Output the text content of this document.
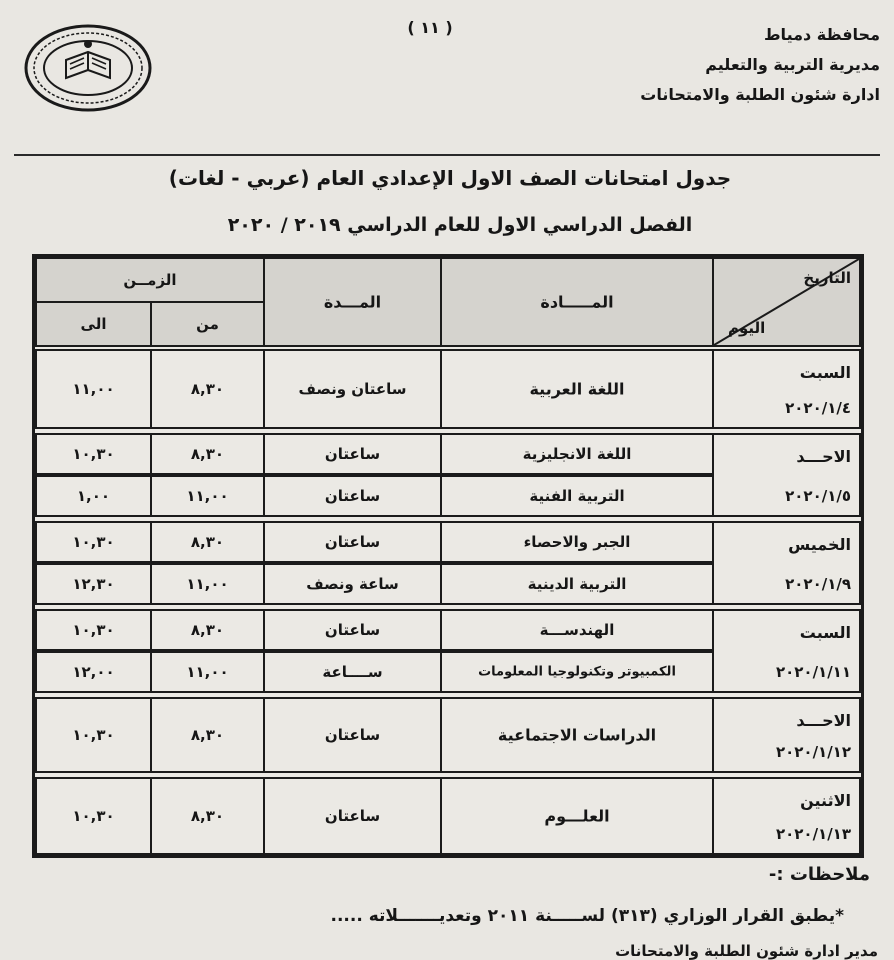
( ١١ )	محافظة دمياط
مديرية التربية والتعليم
ادارة شئون الطلبة والامتحانات
جدول امتحانات الصف الاول الإعدادي العام (عربي - لغات)
الفصل الدراسي الاول للعام الدراسي ٢٠١٩ / ٢٠٢٠
التاريخ
اليوم
المـــــادة
المـــدة
الزمــن
من
الى
السبت
٢٠٢٠/١/٤
اللغة العربية
ساعتان ونصف
٨,٣٠
١١,٠٠
الاحـــد
٢٠٢٠/١/٥
اللغة الانجليزية
ساعتان
٨,٣٠
١٠,٣٠
التربية الفنية
ساعتان
١١,٠٠
١,٠٠
الخميس
٢٠٢٠/١/٩
الجبر والاحصاء
ساعتان
٨,٣٠
١٠,٣٠
التربية الدينية
ساعة ونصف
١١,٠٠
١٢,٣٠
السبت
٢٠٢٠/١/١١
الهندســـة
ساعتان
٨,٣٠
١٠,٣٠
الكمبيوتر وتكنولوجيا المعلومات
ســــاعة
١١,٠٠
١٢,٠٠
الاحـــد
٢٠٢٠/١/١٢
الدراسات الاجتماعية
ساعتان
٨,٣٠
١٠,٣٠
الاثنين
٢٠٢٠/١/١٣
العلـــوم
ساعتان
٨,٣٠
١٠,٣٠
ملاحظات :-
*يطبق القرار الوزاري (٣١٣) لســـــنة ٢٠١١ وتعديـــــــلاته .....
مدير ادارة شئون الطلبة والامتحانات
